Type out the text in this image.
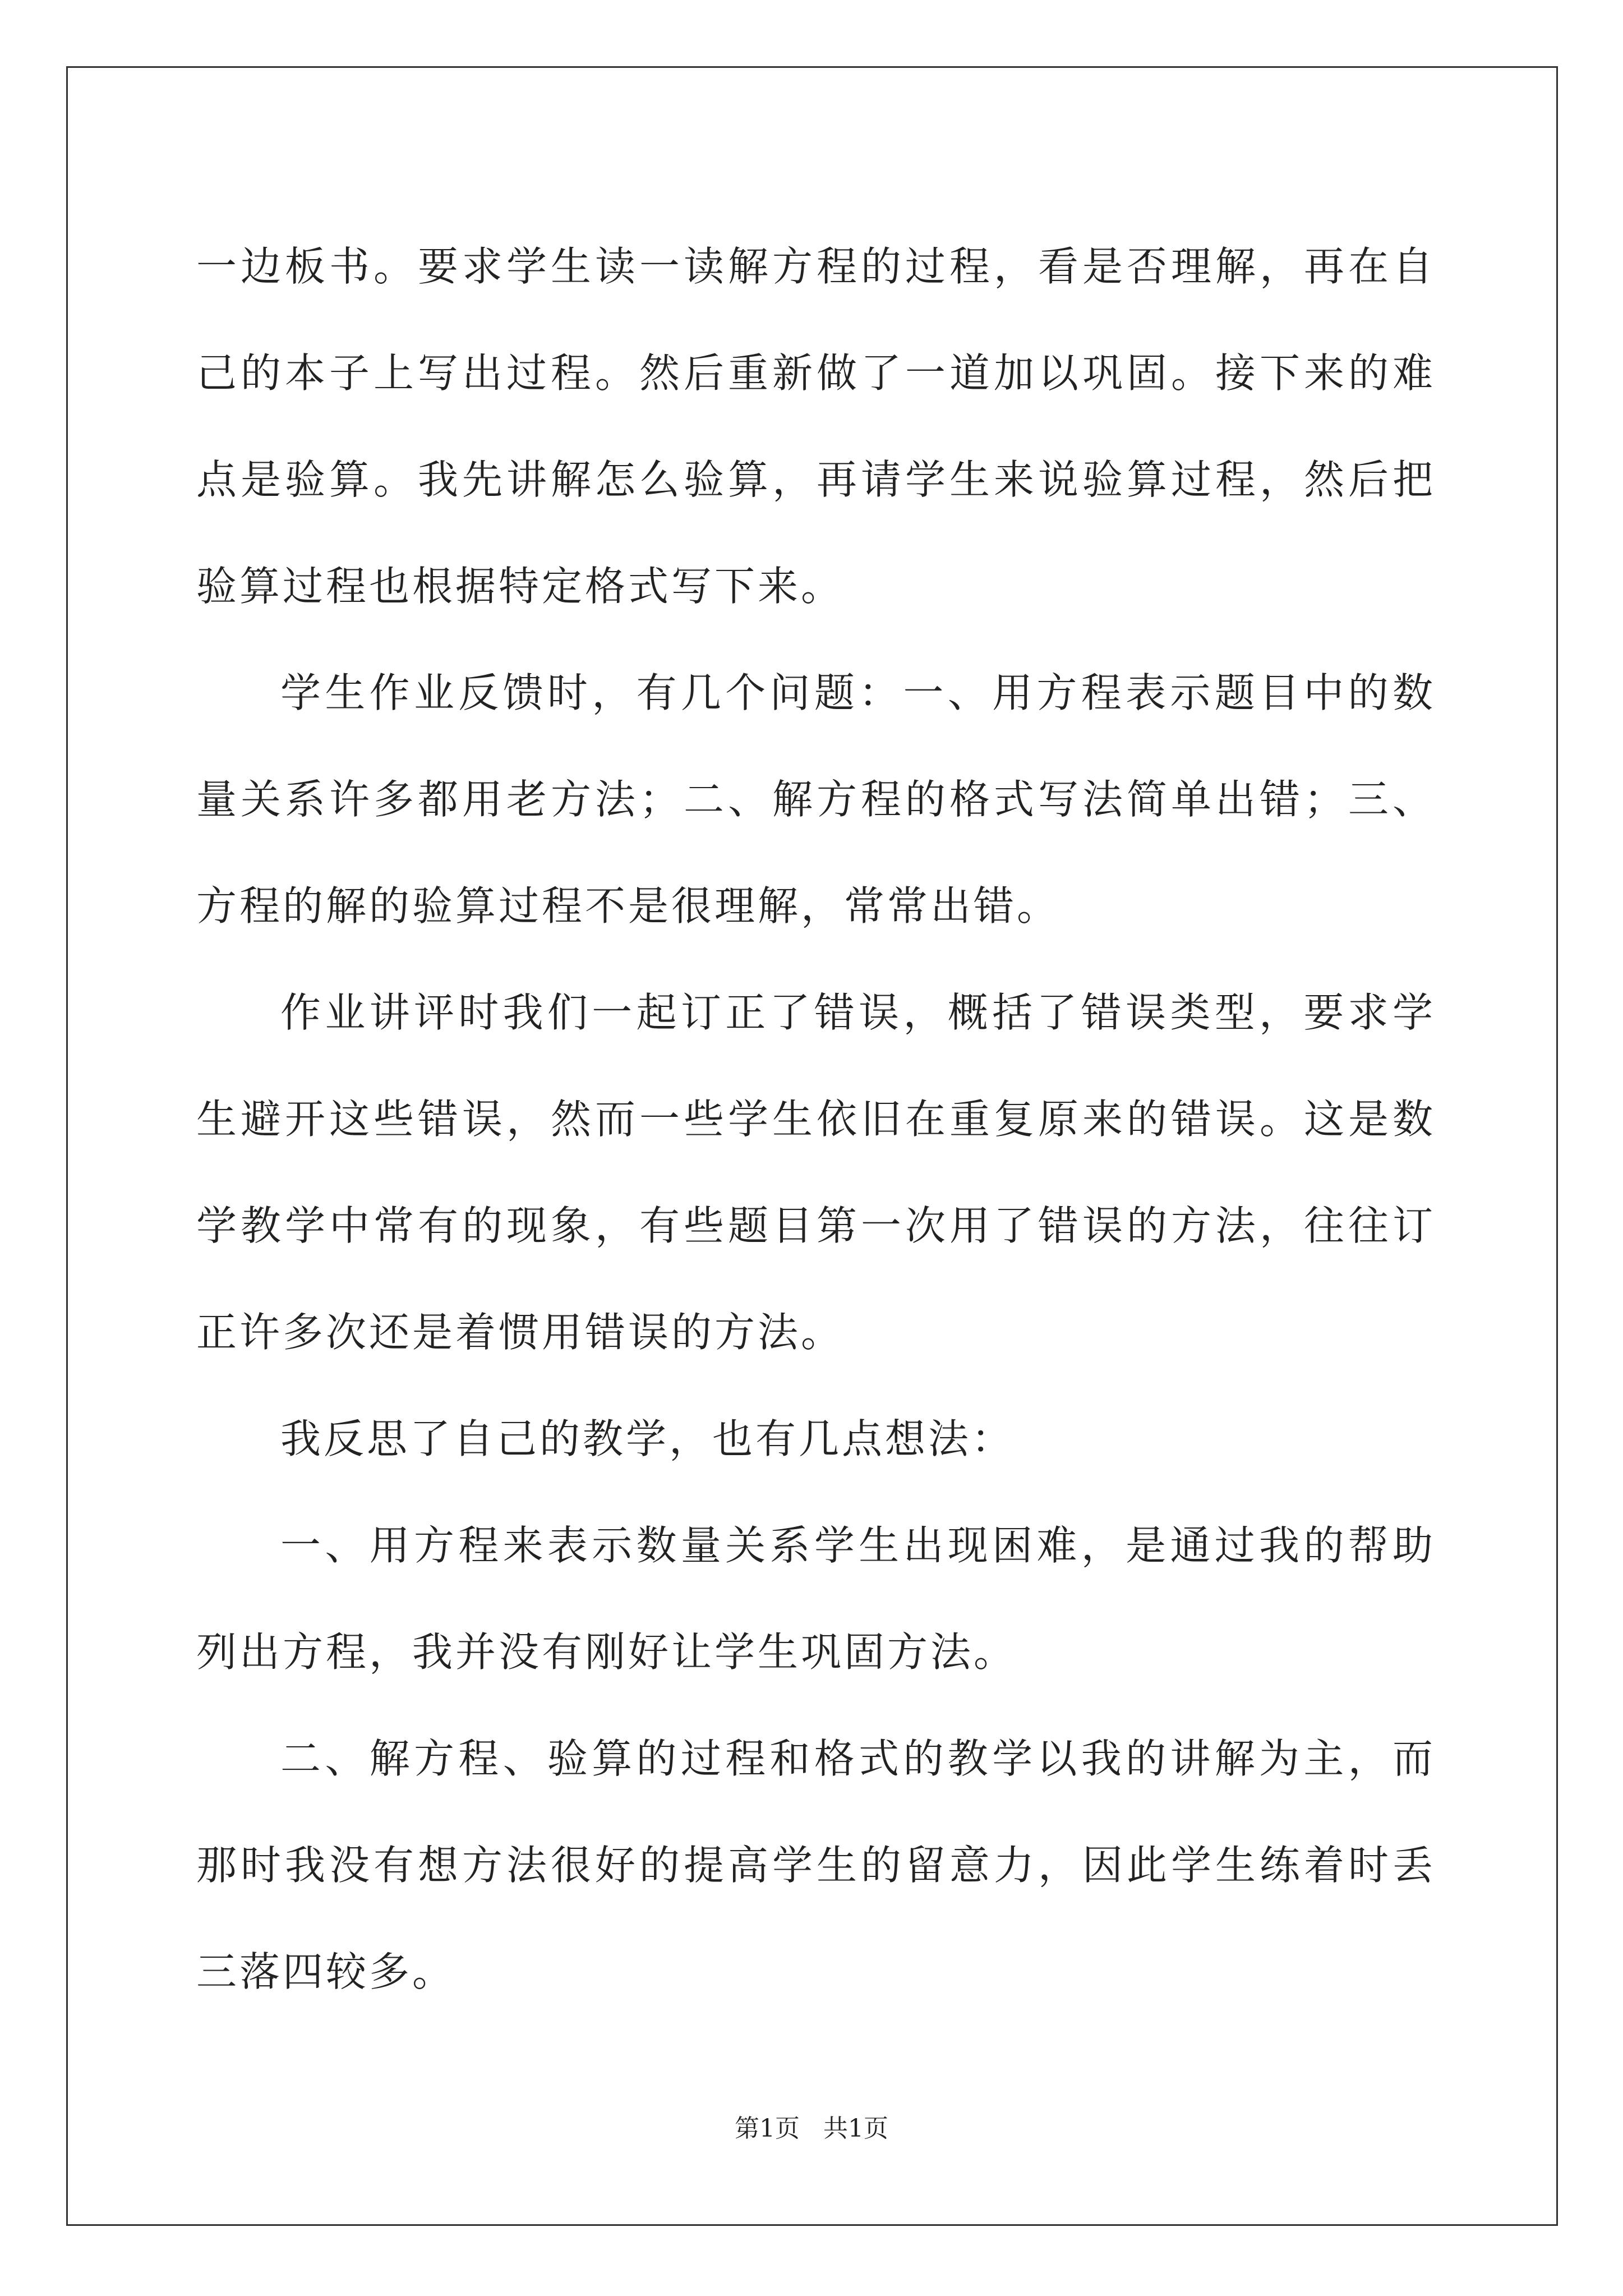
一边板书。要求学生读一读解方程的过程，看是否理解，再在自己的本子上写出过程。然后重新做了一道加以巩固。接下来的难点是验算。我先讲解怎么验算，再请学生来说验算过程，然后把验算过程也根据特定格式写下来。

学生作业反馈时，有几个问题：一、用方程表示题目中的数量关系许多都用老方法；二、解方程的格式写法简单出错；三、方程的解的验算过程不是很理解，常常出错。

作业讲评时我们一起订正了错误，概括了错误类型，要求学生避开这些错误，然而一些学生依旧在重复原来的错误。这是数学教学中常有的现象，有些题目第一次用了错误的方法，往往订正许多次还是着惯用错误的方法。

我反思了自己的教学，也有几点想法：

一、用方程来表示数量关系学生出现困难，是通过我的帮助列出方程，我并没有刚好让学生巩固方法。

二、解方程、验算的过程和格式的教学以我的讲解为主，而那时我没有想方法很好的提高学生的留意力，因此学生练着时丢三落四较多。

第1页 共1页
